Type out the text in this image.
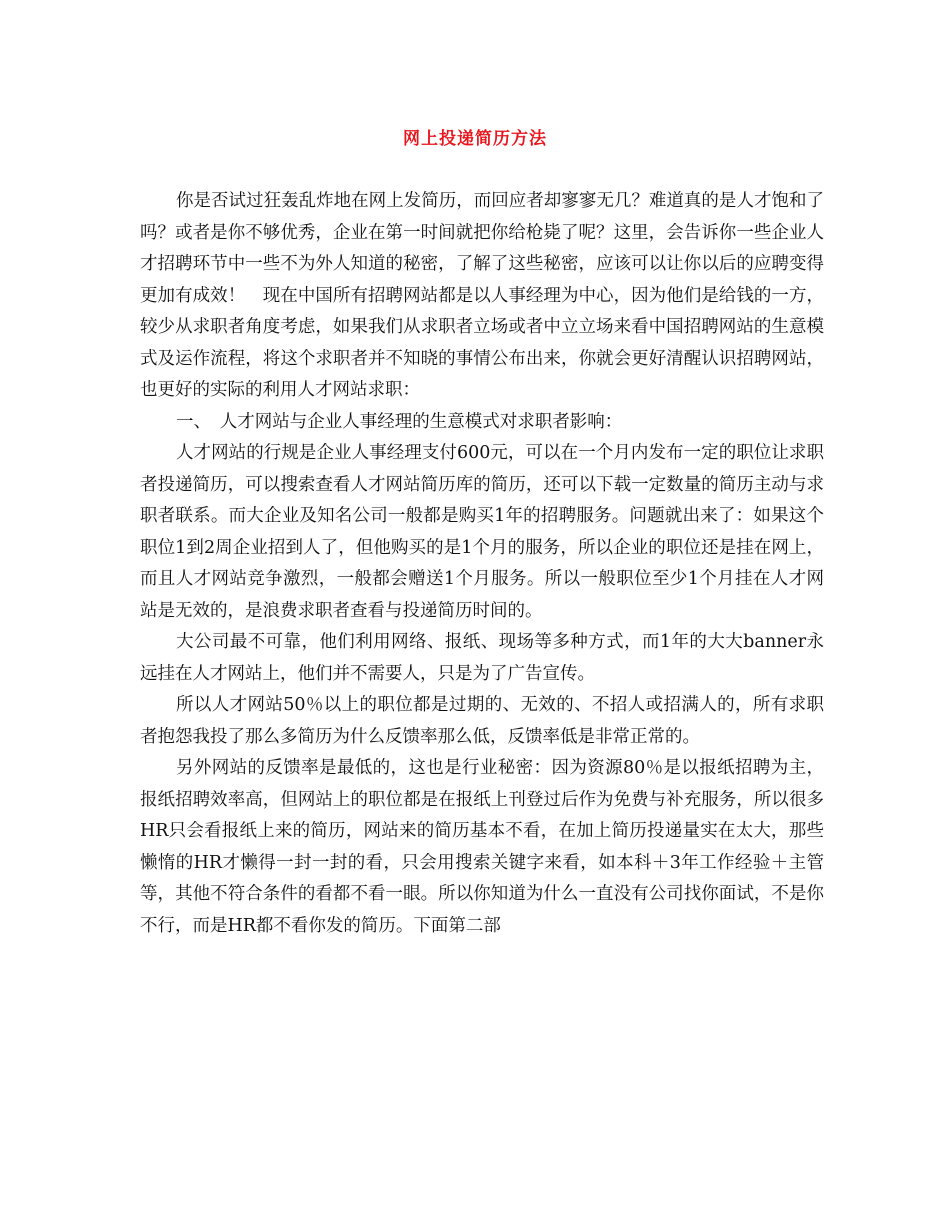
网上投递简历方法

你是否试过狂轰乱炸地在网上发简历，而回应者却寥寥无几？难道真的是人才饱和了吗？或者是你不够优秀，企业在第一时间就把你给枪毙了呢？这里，会告诉你一些企业人才招聘环节中一些不为外人知道的秘密，了解了这些秘密，应该可以让你以后的应聘变得更加有成效！　现在中国所有招聘网站都是以人事经理为中心，因为他们是给钱的一方，较少从求职者角度考虑，如果我们从求职者立场或者中立立场来看中国招聘网站的生意模式及运作流程，将这个求职者并不知晓的事情公布出来，你就会更好清醒认识招聘网站，也更好的实际的利用人才网站求职：

一、　人才网站与企业人事经理的生意模式对求职者影响：

人才网站的行规是企业人事经理支付600元，可以在一个月内发布一定的职位让求职者投递简历，可以搜索查看人才网站简历库的简历，还可以下载一定数量的简历主动与求职者联系。而大企业及知名公司一般都是购买1年的招聘服务。问题就出来了：如果这个职位1到2周企业招到人了，但他购买的是1个月的服务，所以企业的职位还是挂在网上，而且人才网站竞争激烈，一般都会赠送1个月服务。所以一般职位至少1个月挂在人才网站是无效的，是浪费求职者查看与投递简历时间的。

大公司最不可靠，他们利用网络、报纸、现场等多种方式，而1年的大大banner永远挂在人才网站上，他们并不需要人，只是为了广告宣传。

所以人才网站50％以上的职位都是过期的、无效的、不招人或招满人的，所有求职者抱怨我投了那么多简历为什么反馈率那么低，反馈率低是非常正常的。

另外网站的反馈率是最低的，这也是行业秘密：因为资源80％是以报纸招聘为主，报纸招聘效率高，但网站上的职位都是在报纸上刊登过后作为免费与补充服务，所以很多HR只会看报纸上来的简历，网站来的简历基本不看，在加上简历投递量实在太大，那些懒惰的HR才懒得一封一封的看，只会用搜索关键字来看，如本科＋3年工作经验＋主管等，其他不符合条件的看都不看一眼。所以你知道为什么一直没有公司找你面试，不是你不行，而是HR都不看你发的简历。下面第二部
